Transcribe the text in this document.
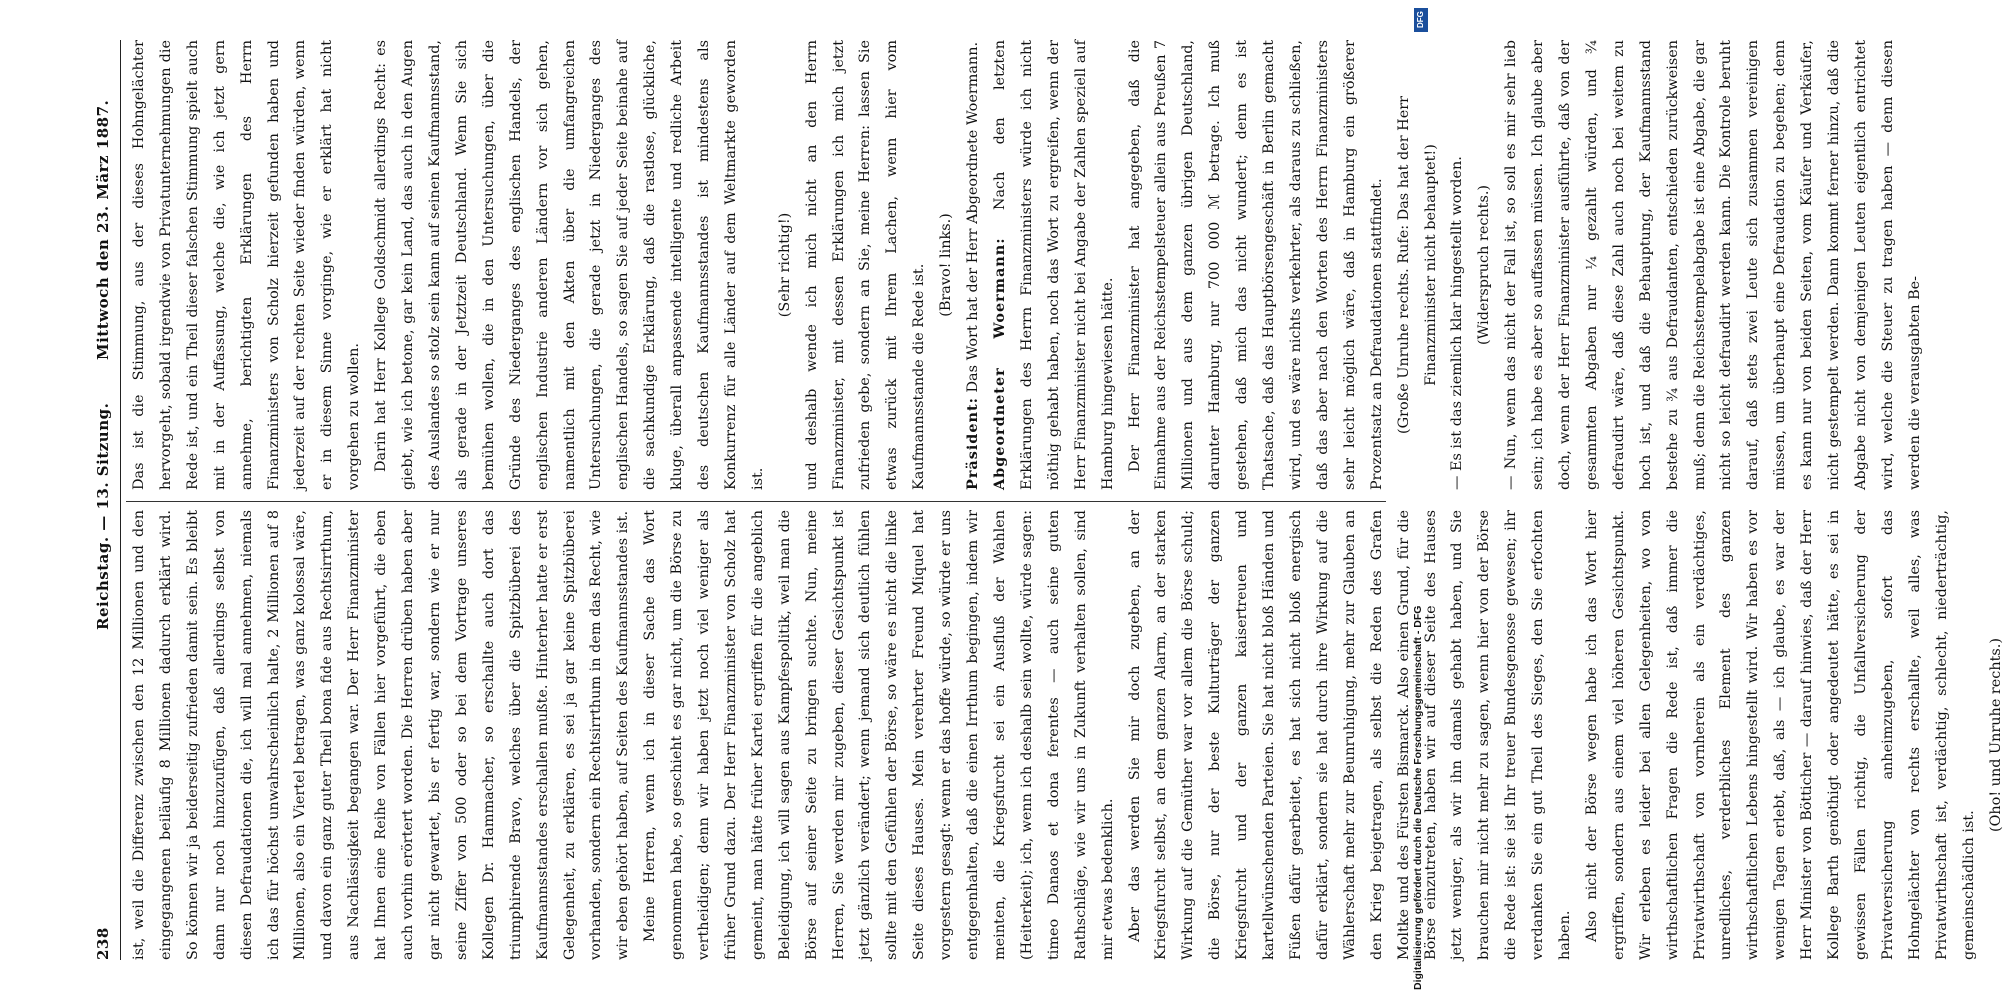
238
Reichstag. — 13. Sitzung.
Mittwoch den 23. März 1887.

ist, weil die Differenz zwischen den 12 Millionen und den eingegangenen beiläufig 8 Millionen dadurch erklärt wird. So können wir ja beiderseitig zufrieden damit sein. Es bleibt dann nur noch hinzuzufügen, daß allerdings selbst von diesen Defraudationen die, ich will mal annehmen, niemals ich das für höchst unwahrscheinlich halte, 2 Millionen auf 8 Millionen, also ein Viertel betragen, was ganz kolossal wäre, und davon ein ganz guter Theil bona fide aus Rechtsirrthum, aus Nachlässigkeit begangen war. Der Herr Finanzminister hat Ihnen eine Reihe von Fällen hier vorgeführt, die eben auch vorhin erörtert worden. Die Herren drüben haben aber gar nicht gewartet, bis er fertig war, sondern wie er nur seine Ziffer von 500 oder so bei dem Vortrage unseres Kollegen Dr. Hammacher, so erschallte auch dort das triumphirende Bravo, welches über die Spitzbüberei des Kaufmannsstandes erschallen mußte. Hinterher hatte er erst Gelegenheit, zu erklären, es sei ja gar keine Spitzbüberei vorhanden, sondern ein Rechtsirrthum in dem das Recht, wie wir eben gehört haben, auf Seiten des Kaufmannsstandes ist. Meine Herren, wenn ich in dieser Sache das Wort genommen habe, so geschieht es gar nicht, um die Börse zu vertheidigen; denn wir haben jetzt noch viel weniger als früher Grund dazu. Der Herr Finanzminister von Scholz hat gemeint, man hätte früher Kartei ergriffen für die angeblich Beleidigung, ich will sagen aus Kampfespolitik, weil man die Börse auf seiner Seite zu bringen suchte. Nun, meine Herren, Sie werden mir zugeben, dieser Gesichtspunkt ist jetzt gänzlich verändert; wenn jemand sich deutlich fühlen sollte mit den Gefühlen der Börse, so wäre es nicht die linke Seite dieses Hauses. Mein verehrter Freund Miquel hat vorgestern gesagt: wenn er das hoffe würde, so würde er uns entgegenhalten, daß die einen Irrthum begingen, indem wir meinten, die Kriegsfurcht sei ein Ausfluß der Wahlen (Heiterkeit); ich, wenn ich deshalb sein wollte, würde sagen: timeo Danaos et dona ferentes — auch seine guten Rathschläge, wie wir uns in Zukunft verhalten sollen, sind mir etwas bedenklich. Aber das werden Sie mir doch zugeben, an der Kriegsfurcht selbst, an dem ganzen Alarm, an der starken Wirkung auf die Gemüther war vor allem die Börse schuld; die Börse, nur der beste Kulturträger der ganzen Kriegsfurcht und der ganzen kaisertreuen und kartellwünschenden Parteien. Sie hat nicht bloß Händen und Füßen dafür gearbeitet, es hat sich nicht bloß energisch dafür erklärt, sondern sie hat durch ihre Wirkung auf die Wählerschaft mehr zur Beunruhigung, mehr zur Glauben an den Krieg beigetragen, als selbst die Reden des Grafen Moltke und des Fürsten Bismarck. Also einen Grund, für die Börse einzutreten, haben wir auf dieser Seite des Hauses jetzt weniger, als wir ihn damals gehabt haben, und Sie brauchen mir nicht mehr zu sagen, wenn hier von der Börse die Rede ist: sie ist Ihr treuer Bundesgenosse gewesen; ihr verdanken Sie ein gut Theil des Sieges, den Sie erfochten haben. Also nicht der Börse wegen habe ich das Wort hier ergriffen, sondern aus einem viel höheren Gesichtspunkt. Wir erleben es leider bei allen Gelegenheiten, wo von wirthschaftlichen Fragen die Rede ist, daß immer die Privatwirthschaft von vornherein als ein verdächtiges, unredliches, verderbliches Element des ganzen wirthschaftlichen Lebens hingestellt wird. Wir haben es vor wenigen Tagen erlebt, daß, als — ich glaube, es war der Herr Minister von Bötticher — darauf hinwies, daß der Herr Kollege Barth genöthigt oder angedeutet hätte, es sei in gewissen Fällen richtig, die Unfallversicherung der Privatversicherung anheimzugeben, sofort das Hohngelächter von rechts erschallte, weil alles, was Privatwirthschaft ist, verdächtig, schlecht, niederträchtig, gemeinschädlich ist.

(Oho! und Unruhe rechts.)

Das ist die Stimmung, aus der dieses Hohngelächter hervorgeht, sobald irgendwie von Privatunternehmungen die Rede ist, und ein Theil dieser falschen Stimmung spielt auch mit in der Auffassung, welche die, wie ich jetzt gern annehme, berichtigten Erklärungen des Herrn Finanzministers von Scholz hierzeit gefunden haben und jederzeit auf der rechten Seite wieder finden würden, wenn er in diesem Sinne vorginge, wie er erklärt hat nicht vorgehen zu wollen. Darin hat Herr Kollege Goldschmidt allerdings Recht: es giebt, wie ich betone, gar kein Land, das auch in den Augen des Auslandes so stolz sein kann auf seinen Kaufmannsstand, als gerade in der Jetztzeit Deutschland. Wenn Sie sich bemühen wollen, die in den Untersuchungen, über die Gründe des Niederganges des englischen Handels, der englischen Industrie anderen Ländern vor sich gehen, namentlich mit den Akten über die umfangreichen Untersuchungen, die gerade jetzt in Niederganges des englischen Handels, so sagen Sie auf jeder Seite beinahe auf die sachkundige Erklärung, daß die rastlose, glückliche, kluge, überall anpassende intelligente und redliche Arbeit des deutschen Kaufmannsstandes ist mindestens als Konkurrenz für alle Länder auf dem Weltmarkte geworden ist.

(Sehr richtig!) und deshalb wende ich mich nicht an den Herrn Finanzminister, mit dessen Erklärungen ich mich jetzt zufrieden gebe, sondern an Sie, meine Herren: lassen Sie etwas zurück mit Ihrem Lachen, wenn hier vom Kaufmannsstande die Rede ist. (Bravo! links.)

Präsident: Das Wort hat der Herr Abgeordnete Woermann. Abgeordneter Woermann: Nach den letzten Erklärungen des Herrn Finanzministers würde ich nicht nöthig gehabt haben, noch das Wort zu ergreifen, wenn der Herr Finanzminister nicht bei Angabe der Zahlen speziell auf Hamburg hingewiesen hätte. Der Herr Finanzminister hat angegeben, daß die Einnahme aus der Reichsstempelsteuer allein aus Preußen 7 Millionen und aus dem ganzen übrigen Deutschland, darunter Hamburg, nur 700 000 ℳ betrage. Ich muß gestehen, daß mich das nicht wundert; denn es ist Thatsache, daß das Hauptbörsengeschäft in Berlin gemacht wird, und es wäre nichts verkehrter, als daraus zu schließen, daß das aber nach den Worten des Herrn Finanzministers sehr leicht möglich wäre, daß in Hamburg ein größerer Prozentsatz an Defraudationen stattfindet. (Große Unruhe rechts. Rufe: Das hat der Herr Finanzminister nicht behauptet!) — Es ist das ziemlich klar hingestellt worden. (Widerspruch rechts.) — Nun, wenn das nicht der Fall ist, so soll es mir sehr lieb sein; ich habe es aber so auffassen müssen. Ich glaube aber doch, wenn der Herr Finanzminister ausführte, daß von der gesammten Abgaben nur ¼ gezahlt würden, und ¾ defraudirt wäre, daß diese Zahl auch noch bei weitem zu hoch ist, und daß die Behauptung, der Kaufmannsstand bestehe zu ¾ aus Defraudanten, entschieden zurückweisen muß; denn die Reichsstempelabgabe ist eine Abgabe, die gar nicht so leicht defraudirt werden kann. Die Kontrole beruht darauf, daß stets zwei Leute sich zusammen vereinigen müssen, um überhaupt eine Defraudation zu begehen; denn es kann nur von beiden Seiten, vom Käufer und Verkäufer, nicht gestempelt werden. Dann kommt ferner hinzu, daß die Abgabe nicht von demjenigen Leuten eigentlich entrichtet wird, welche die Steuer zu tragen haben — denn diesen werden die verausgabten Be-

Digitalisierung gefördert durch die Deutsche Forschungsgemeinschaft - DFG
DFG
